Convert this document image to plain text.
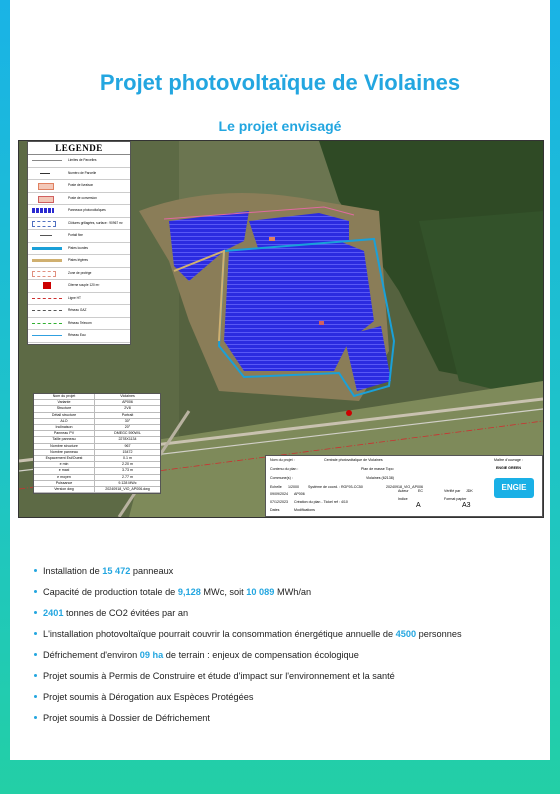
ENGIE
Green
Projet photovoltaïque de Violaines
Le projet envisagé
LEGENDE
Limites de Parcelles
Numéro de Parcelle
Poste de livraison
Poste de conversion
Panneaux photovoltaïques
Clôtures grillagées, surface : 90967 m²
Portail fixe
Pistes lourdes
Pistes légères
Zone de protège
Citerne souple 120 m³
Ligne HT
Réseau GAZ
Réseau Telecom
Réseau Eau
Nom du projet	Violaines
Variante	AP006
Structure	2V8
Détail structure	Portrait
ALO	30°
Inclinaison	20°
Panneau PV	DMEGC 590W/L
Taille panneau	2278X1134
Nombre structure	967
Nombre panneau	15472
Espacement Est/Ouest	0.1 m
e min	2.20 m
e maxi	3.73 m
e moyen	2.77 m
Puissance	9.128 MWc
Version dwg	20240918_VIO_AP006.dwg
Nom du projet :	Centrale photovoltaïque de Violaines
Contenu du plan :	Plan de masse Topo
Commune(s) :	Violaines (62138)
Echelle 1/2000	Système de coord. : RGF93-CC50	20240918_VIO_AP006
09/09/2024 AP006
Auteur	EC	Vérifié par JDK
Indice
A
Format papier
A3
07/12/2023 Création du plan - Tickel ref : 4/10
Dates	Modifications
Maître d'ouvrage :
ENGIE GREEN
ENGIE
Installation de 15 472 panneaux
Capacité de production totale de 9,128 MWc, soit 10 089 MWh/an
2401 tonnes de CO2 évitées par an
L'installation photovoltaïque pourrait couvrir la consommation énergétique annuelle de 4500 personnes
Défrichement d'environ 09 ha de terrain : enjeux de compensation écologique
Projet soumis à Permis de Construire et étude d'impact sur l'environnement et la santé
Projet soumis à Dérogation aux Espèces Protégées
Projet soumis à Dossier de Défrichement
